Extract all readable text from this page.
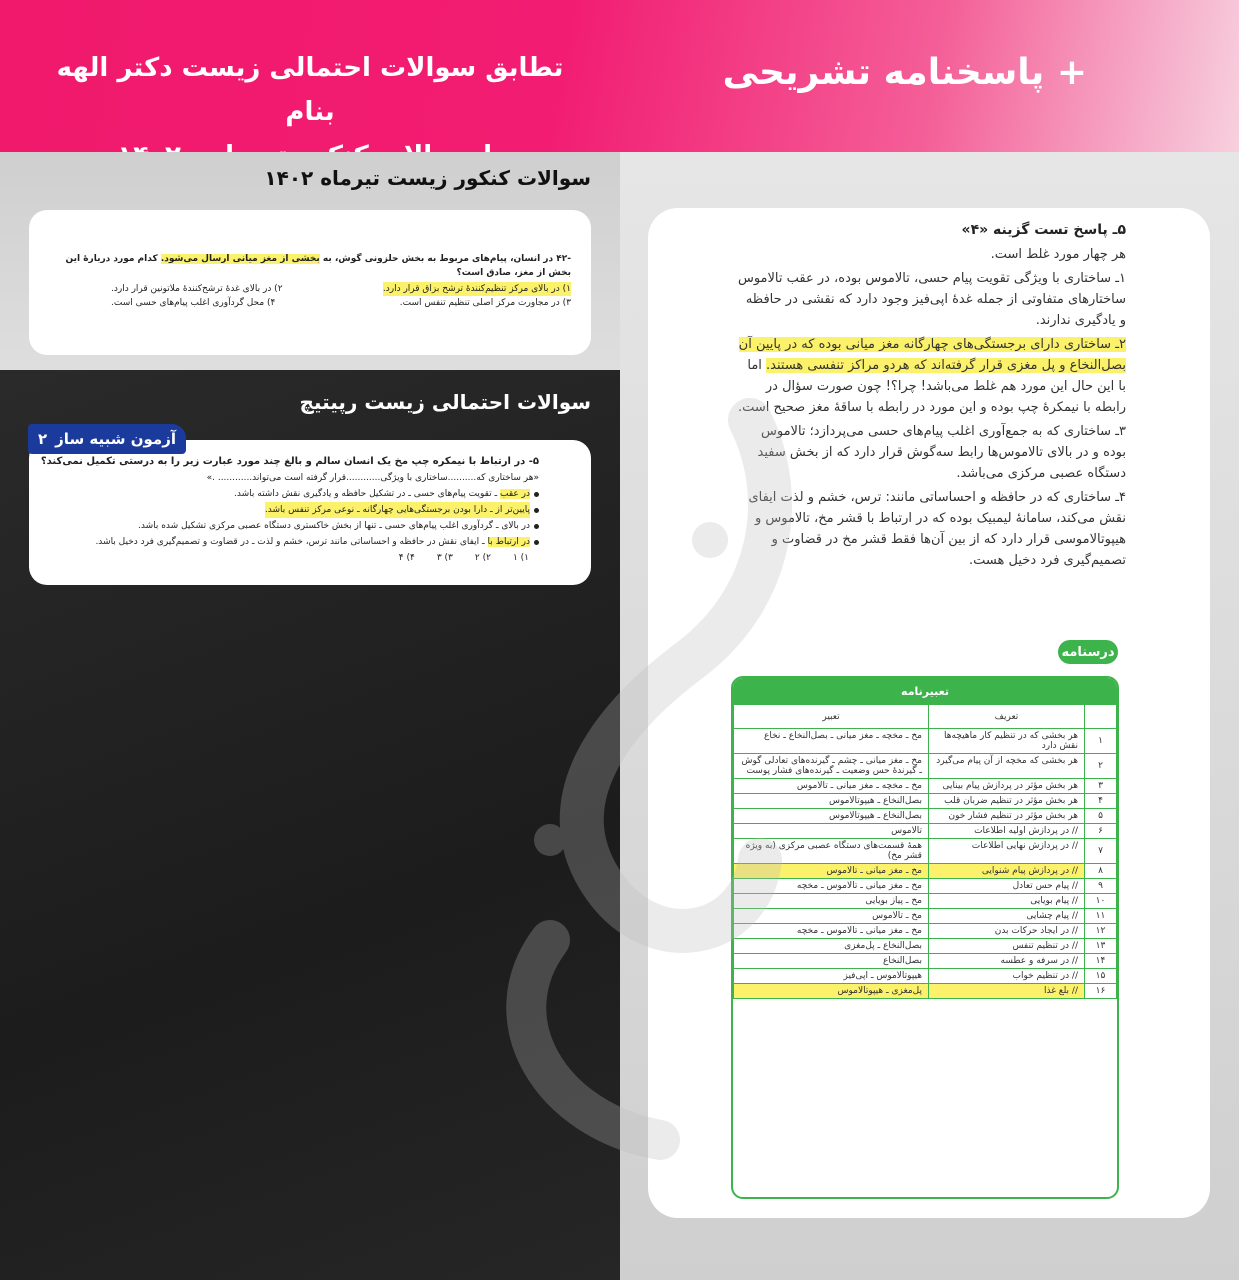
تطابق سوالات احتمالی زیست دکتر الهه بنام
+ پاسخنامه تشریحی
سوالات کنکور زیست تیرماه ۱۴۰۲
-۴۲ در انسان، پیام‌های مربوط به بخش حلزونی گوش، به بخشی از مغز میانی ارسال می‌شود. کدام مورد دربارهٔ این بخش از مغز، صادق است؟
۱) در بالای مرکز تنظیم‌کنندهٔ ترشح بزاق قرار دارد.
۲) در بالای غدهٔ ترشح‌کنندهٔ ملاتونین قرار دارد.
۳) در مجاورت مرکز اصلی تنظیم تنفس است.
۴) محل گردآوری اغلب پیام‌های حسی است.
سوالات احتمالی زیست رپیتیچ
۵- در ارتباط با نیمکره چپ مخ یک انسان سالم و بالغ چند مورد عبارت زیر را به درستی تکمیل نمی‌کند؟
«هر ساختاری که..........ساختاری با ویژگی............قرار گرفته است می‌تواند............ .»
در عقب ـ تقویت پیام‌های حسی ـ در تشکیل حافظه و یادگیری نقش داشته باشد.
پایین‌تر از ـ دارا بودن برجستگی‌هایی چهارگانه ـ نوعی مرکز تنفس باشد.
در بالای ـ گردآوری اغلب پیام‌های حسی ـ تنها از بخش خاکستری دستگاه عصبی مرکزی تشکیل شده باشد.
در ارتباط با ـ ایفای نقش در حافظه و احساساتی مانند ترس، خشم و لذت ـ در قضاوت و تصمیم‌گیری فرد دخیل باشد.
۱) ۱
۲) ۲
۳) ۳
۴) ۴
آزمون شبیه ساز
۲

۵ـ پاسخ تست گزینه «۴»

هر چهار مورد غلط است.

۱ـ ساختاری با ویژگی تقویت پیام حسی، تالاموس بوده، در عقب تالاموس ساختارهای متفاوتی از جمله غدهٔ اپی‌فیز وجود دارد که نقشی در حافظه و یادگیری ندارند.

۲ـ ساختاری دارای برجستگی‌های چهارگانه مغز میانی بوده که در پایین آن بصل‌النخاع و پل مغزی قرار گرفته‌اند که هردو مراکز تنفسی هستند. اما با این حال این مورد هم غلط می‌باشد! چرا؟! چون صورت سؤال در رابطه با نیمکرهٔ چپ بوده و این مورد در رابطه با ساقهٔ مغز صحیح است.

۳ـ ساختاری که به جمع‌آوری اغلب پیام‌های حسی می‌پردازد؛ تالاموس بوده و در بالای تالاموس‌ها رابط سه‌گوش قرار دارد که از بخش سفید دستگاه عصبی مرکزی می‌باشد.

۴ـ ساختاری که در حافظه و احساساتی مانند: ترس، خشم و لذت ایفای نقش می‌کند، سامانهٔ لیمبیک بوده که در ارتباط با قشر مخ، تالاموس و هیپوتالاموسی قرار دارد که از بین آن‌ها فقط قشر مخ در قضاوت و تصمیم‌گیری فرد دخیل هست.

درسنامه
تعبیرنامه
	تعریف	تعبیر
۱	هر بخشی که در تنظیم کار ماهیچه‌ها نقش دارد	مخ ـ مخچه ـ مغز میانی ـ بصل‌النخاع ـ نخاع
۲	هر بخشی که مخچه از آن پیام می‌گیرد	مخ ـ مغز میانی ـ چشم ـ گیرنده‌های تعادلی گوش ـ گیرندهٔ حس وضعیت ـ گیرنده‌های فشار پوست
۳	هر بخش مؤثر در پردازش پیام بینایی	مخ ـ مخچه ـ مغز میانی ـ تالاموس
۴	هر بخش مؤثر در تنظیم ضربان قلب	بصل‌النخاع ـ هیپوتالاموس
۵	هر بخش مؤثر در تنظیم فشار خون	بصل‌النخاع ـ هیپوتالاموس
۶	// در پردازش اولیه اطلاعات	تالاموس
۷	// در پردازش نهایی اطلاعات	همهٔ قسمت‌های دستگاه عصبی مرکزی (به ویژه قشر مخ)
۸	// در پردازش پیام شنوایی	مخ ـ مغز میانی ـ تالاموس
۹	// پیام حس تعادل	مخ ـ مغز میانی ـ تالاموس ـ مخچه
۱۰	// پیام بویایی	مخ ـ پیاز بویایی
۱۱	// پیام چشایی	مخ ـ تالاموس
۱۲	// در ایجاد حرکات بدن	مخ ـ مغز میانی ـ تالاموس ـ مخچه
۱۳	// در تنظیم تنفس	بصل‌النخاع ـ پل‌مغزی
۱۴	// در سرفه و عطسه	بصل‌النخاع
۱۵	// در تنظیم خواب	هیپوتالاموس ـ اپی‌فیز
۱۶	// بلع غذا	پل‌مغزی ـ هیپوتالاموس
